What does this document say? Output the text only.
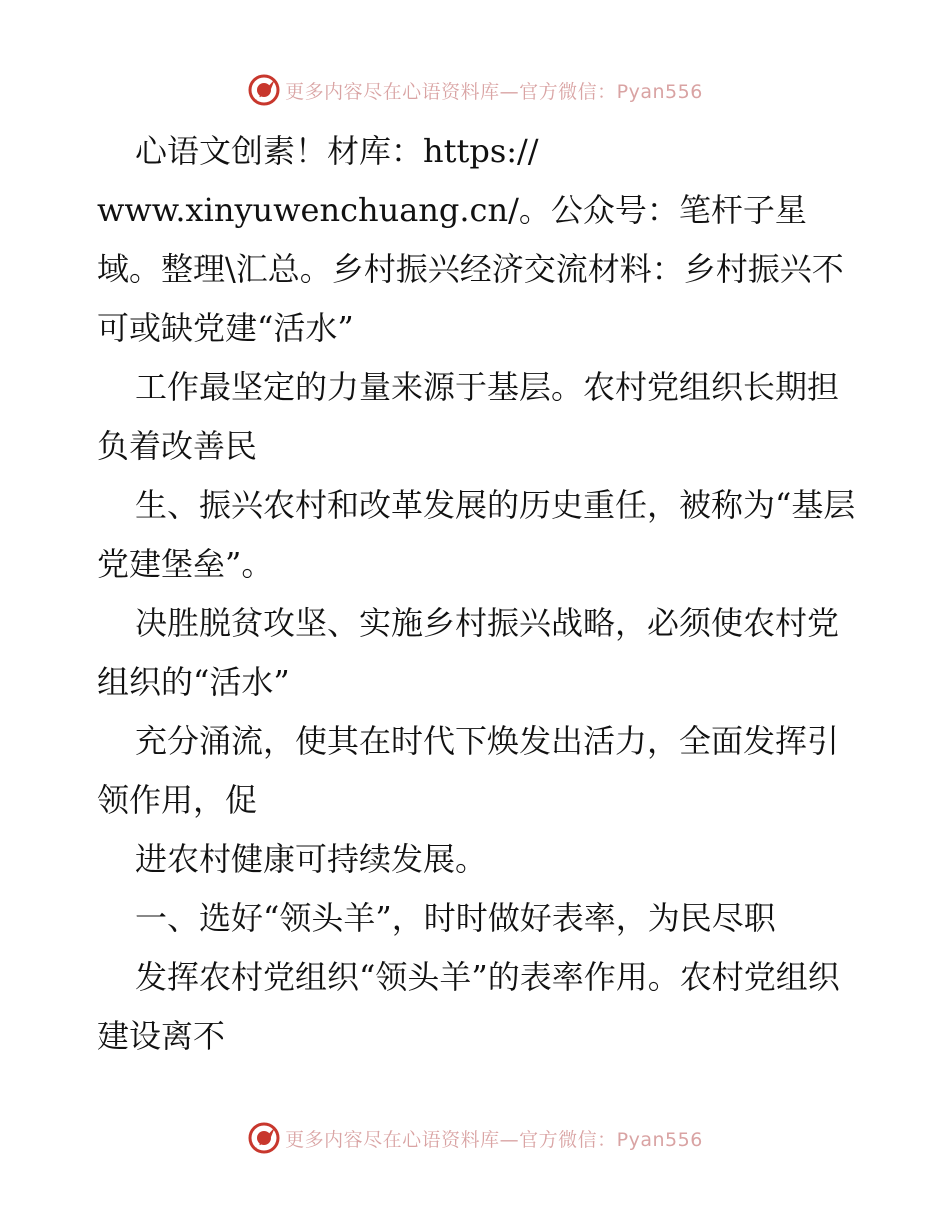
更多内容尽在心语资料库—官方微信：Pyan556

心语文创素！材库：https://

www.xinyuwenchuang.cn/。公众号：笔杆子星域。整理\汇总。乡村振兴经济交流材料：乡村振兴不可或缺党建“活水”

工作最坚定的力量来源于基层。农村党组织长期担负着改善民

生、振兴农村和改革发展的历史重任，被称为“基层党建堡垒”。

决胜脱贫攻坚、实施乡村振兴战略，必须使农村党组织的“活水”

充分涌流，使其在时代下焕发出活力，全面发挥引领作用，促

进农村健康可持续发展。

一、选好“领头羊”，时时做好表率，为民尽职

发挥农村党组织“领头羊”的表率作用。农村党组织建设离不

更多内容尽在心语资料库—官方微信：Pyan556
